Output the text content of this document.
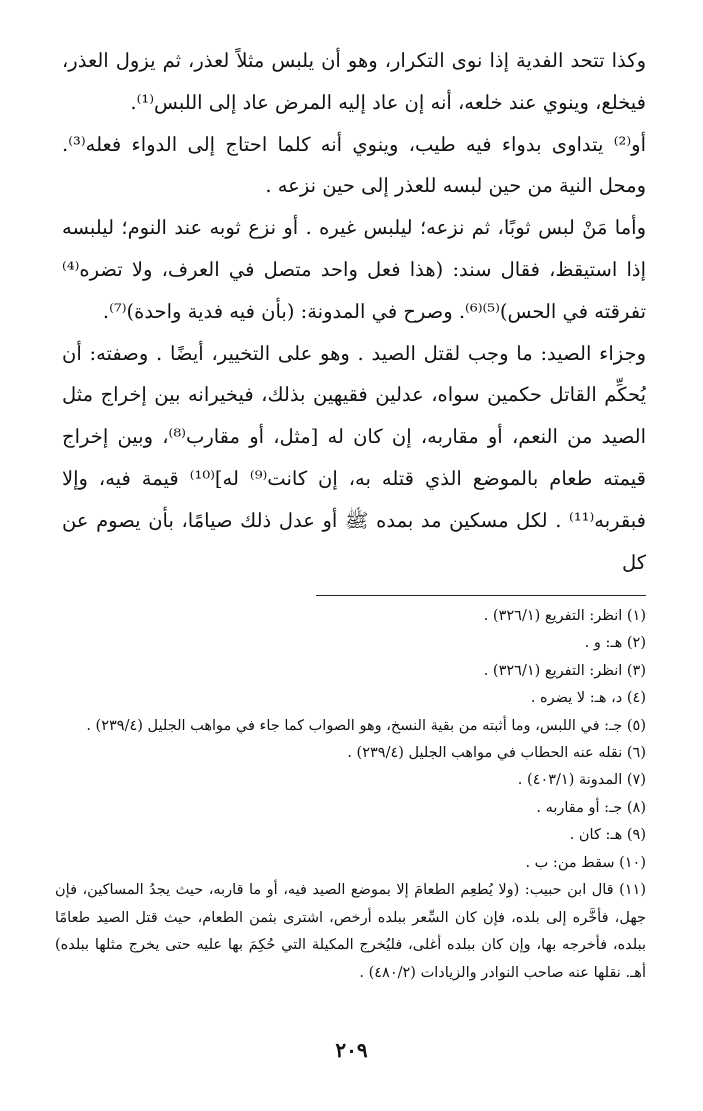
وكذا تتحد الفدية إذا نوى التكرار، وهو أن يلبس مثلاً لعذر، ثم يزول العذر، فيخلع، وينوي عند خلعه، أنه إن عاد إليه المرض عاد إلى اللبس⁽¹⁾.

أو⁽²⁾ يتداوى بدواء فيه طيب، وينوي أنه كلما احتاج إلى الدواء فعله⁽³⁾. ومحل النية من حين لبسه للعذر إلى حين نزعه .

وأما مَنْ لبس ثوبًا، ثم نزعه؛ ليلبس غيره . أو نزع ثوبه عند النوم؛ ليلبسه إذا استيقظ، فقال سند: (هذا فعل واحد متصل في العرف، ولا تضره⁽⁴⁾ تفرقته في الحس)⁽⁵⁾⁽⁶⁾. وصرح في المدونة: (بأن فيه فدية واحدة)⁽⁷⁾.

وجزاء الصيد: ما وجب لقتل الصيد . وهو على التخيير، أيضًا . وصفته: أن يُحكِّم القاتل حكمين سواه، عدلين فقيهين بذلك، فيخيرانه بين إخراج مثل الصيد من النعم، أو مقاربه، إن كان له [مثل، أو مقارب⁽⁸⁾، وبين إخراج قيمته طعام بالموضع الذي قتله به، إن كانت⁽⁹⁾ له]⁽¹⁰⁾ قيمة فيه، وإلا فبقربه⁽¹¹⁾ . لكل مسكين مد بمده ﷺ أو عدل ذلك صيامًا، بأن يصوم عن كل

(١) انظر: التفريع (٣٢٦/١) .

(٢) هـ: و .

(٣) انظر: التفريع (٣٢٦/١) .

(٤) د، هـ: لا يضره .

(٥) جـ: في اللبس، وما أثبته من بقية النسخ، وهو الصواب كما جاء في مواهب الجليل (٢٣٩/٤) .

(٦) نقله عنه الحطاب في مواهب الجليل (٢٣٩/٤) .

(٧) المدونة (٤٠٣/١) .

(٨) جـ: أو مقاربه .

(٩) هـ: كان .

(١٠) سقط من: ب .

(١١) قال ابن حبيب: (ولا يُطعِم الطعامَ إلا بموضع الصيد فيه، أو ما قاربه، حيث يجدُ المساكين، فإن جهل، فأخَّره إلى بلده، فإن كان السِّعر ببلده أرخص، اشترى بثمن الطعام، حيث قتل الصيد طعامًا ببلده، فأخرجه بها، وإن كان ببلده أغلى، فليُخرج المكيلة التي حُكِمَ بها عليه حتى يخرج مثلها ببلده) أهـ. نقلها عنه صاحب النوادر والزيادات (٤٨٠/٢) .

٢٠٩
